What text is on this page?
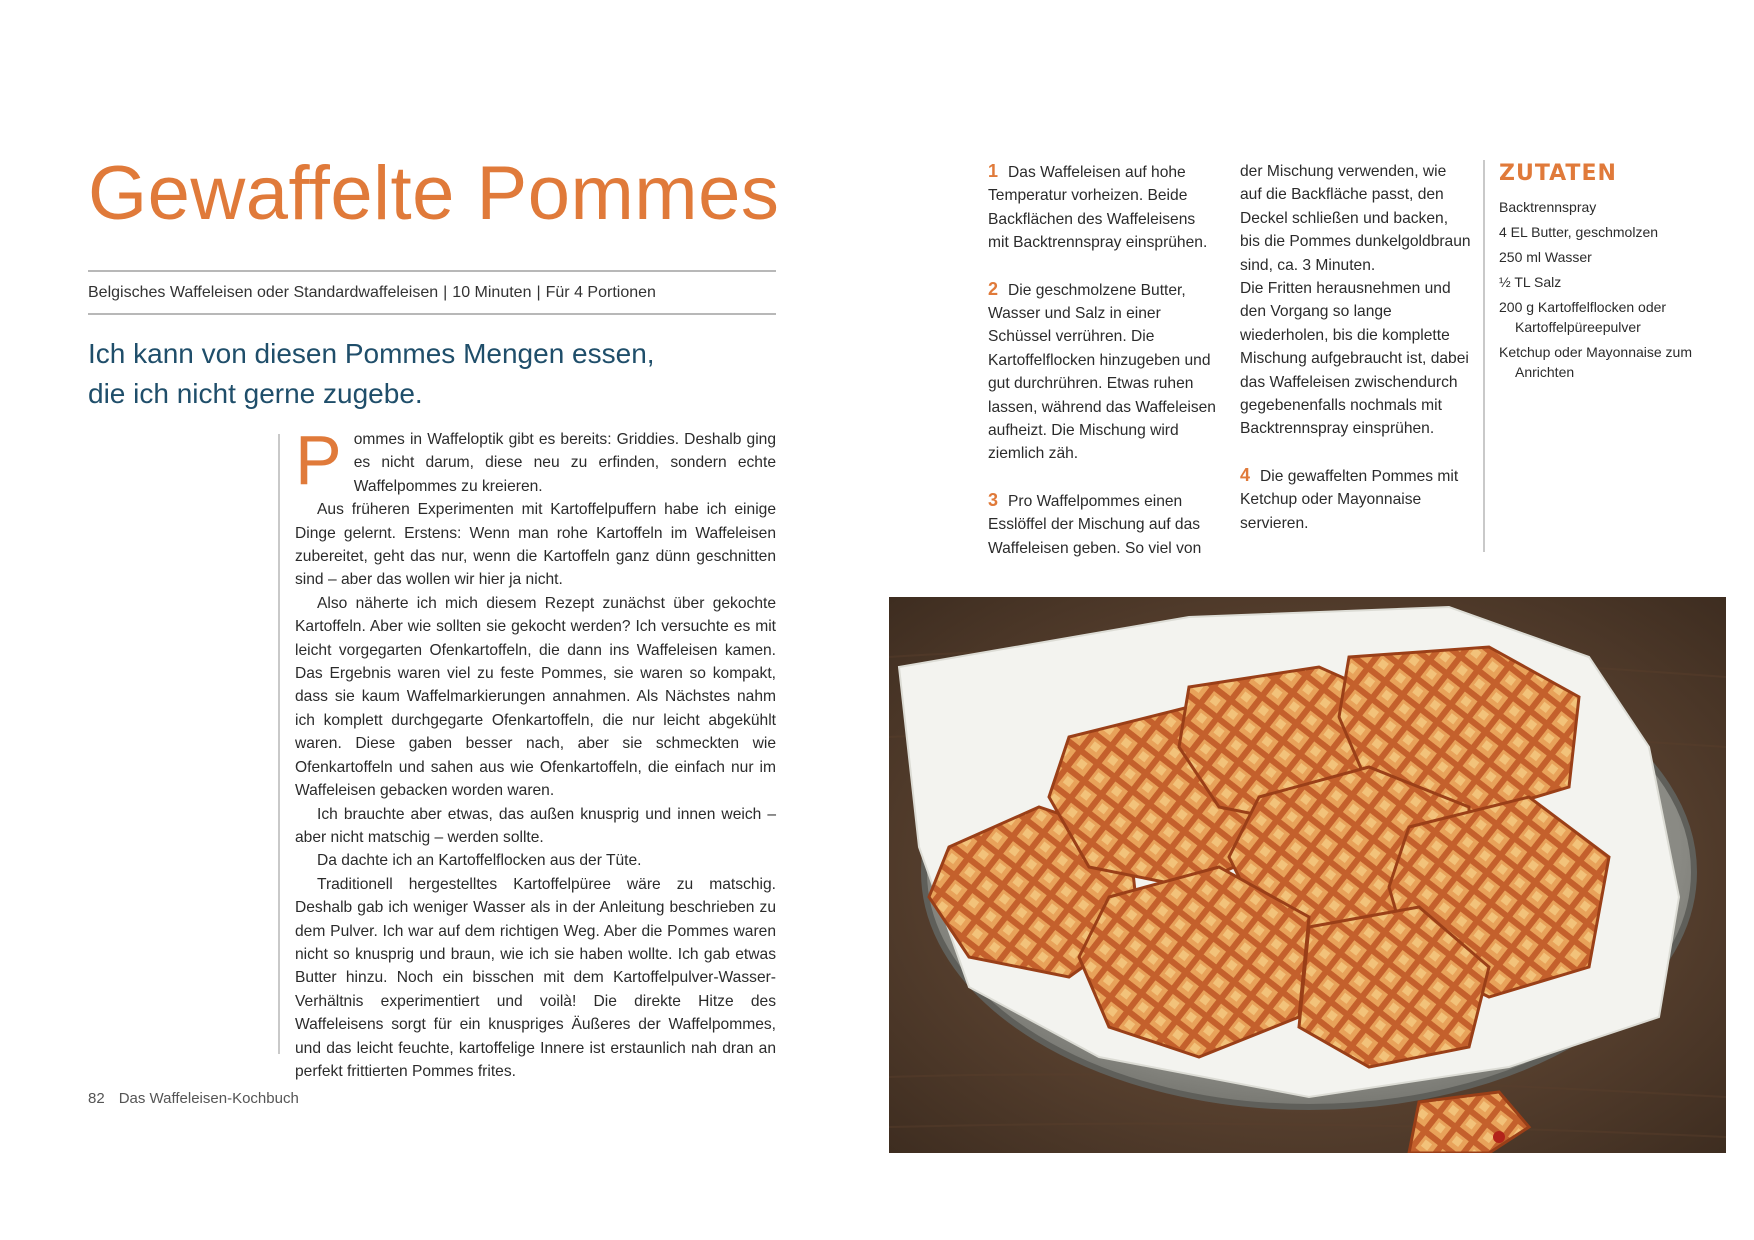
Gewaffelte Pommes
Belgisches Waffeleisen oder Standardwaffeleisen | 10 Minuten | Für 4 Portionen
Ich kann von diesen Pommes Mengen essen,
die ich nicht gerne zugebe.

Pommes in Waffeloptik gibt es bereits: Griddies. Deshalb ging es nicht darum, diese neu zu erfinden, sondern echte Waffelpommes zu kreieren.

Aus früheren Experimenten mit Kartoffelpuffern habe ich einige Dinge gelernt. Erstens: Wenn man rohe Kartoffeln im Waffeleisen zubereitet, geht das nur, wenn die Kartoffeln ganz dünn geschnitten sind – aber das wollen wir hier ja nicht.

Also näherte ich mich diesem Rezept zunächst über gekochte Kartoffeln. Aber wie sollten sie gekocht werden? Ich versuchte es mit leicht vorgegarten Ofenkartoffeln, die dann ins Waffeleisen kamen. Das Ergebnis waren viel zu feste Pommes, sie waren so kompakt, dass sie kaum Waffelmarkierungen annahmen. Als Nächstes nahm ich komplett durchgegarte Ofenkartoffeln, die nur leicht abgekühlt waren. Diese gaben besser nach, aber sie schmeckten wie Ofenkartoffeln und sahen aus wie Ofenkartoffeln, die einfach nur im Waffeleisen gebacken worden waren.

Ich brauchte aber etwas, das außen knusprig und innen weich – aber nicht matschig – werden sollte.

Da dachte ich an Kartoffelflocken aus der Tüte.

Traditionell hergestelltes Kartoffelpüree wäre zu matschig. Deshalb gab ich weniger Wasser als in der Anleitung beschrieben zu dem Pulver. Ich war auf dem richtigen Weg. Aber die Pommes waren nicht so knusprig und braun, wie ich sie haben wollte. Ich gab etwas Butter hinzu. Noch ein bisschen mit dem Kartoffelpulver-Wasser-Verhältnis experimentiert und voilà! Die direkte Hitze des Waffeleisens sorgt für ein knuspriges Äußeres der Waffelpommes, und das leicht feuchte, kartoffelige Innere ist erstaunlich nah dran an perfekt frittierten Pommes frites.

82 Das Waffeleisen-Kochbuch
1 Das Waffeleisen auf hohe Temperatur vorheizen. Beide Backflächen des Waffeleisens mit Backtrennspray einsprühen.
2 Die geschmolzene Butter, Wasser und Salz in einer Schüssel verrühren. Die Kartoffelflocken hinzugeben und gut durchrühren. Etwas ruhen lassen, während das Waffeleisen aufheizt. Die Mischung wird ziemlich zäh.
3 Pro Waffelpommes einen Esslöffel der Mischung auf das Waffeleisen geben. So viel von

der Mischung verwenden, wie auf die Backfläche passt, den Deckel schließen und backen, bis die Pommes dunkelgoldbraun sind, ca. 3 Minuten.

Die Fritten herausnehmen und den Vorgang so lange wiederholen, bis die komplette Mischung aufgebraucht ist, dabei das Waffeleisen zwischendurch gegebenenfalls nochmals mit Backtrennspray einsprühen.

4 Die gewaffelten Pommes mit Ketchup oder Mayonnaise servieren.
ZUTATEN
Backtrennspray
4 EL Butter, geschmolzen
250 ml Wasser
½ TL Salz
200 g Kartoffelflocken oder Kartoffelpüreepulver
Ketchup oder Mayonnaise zum Anrichten
